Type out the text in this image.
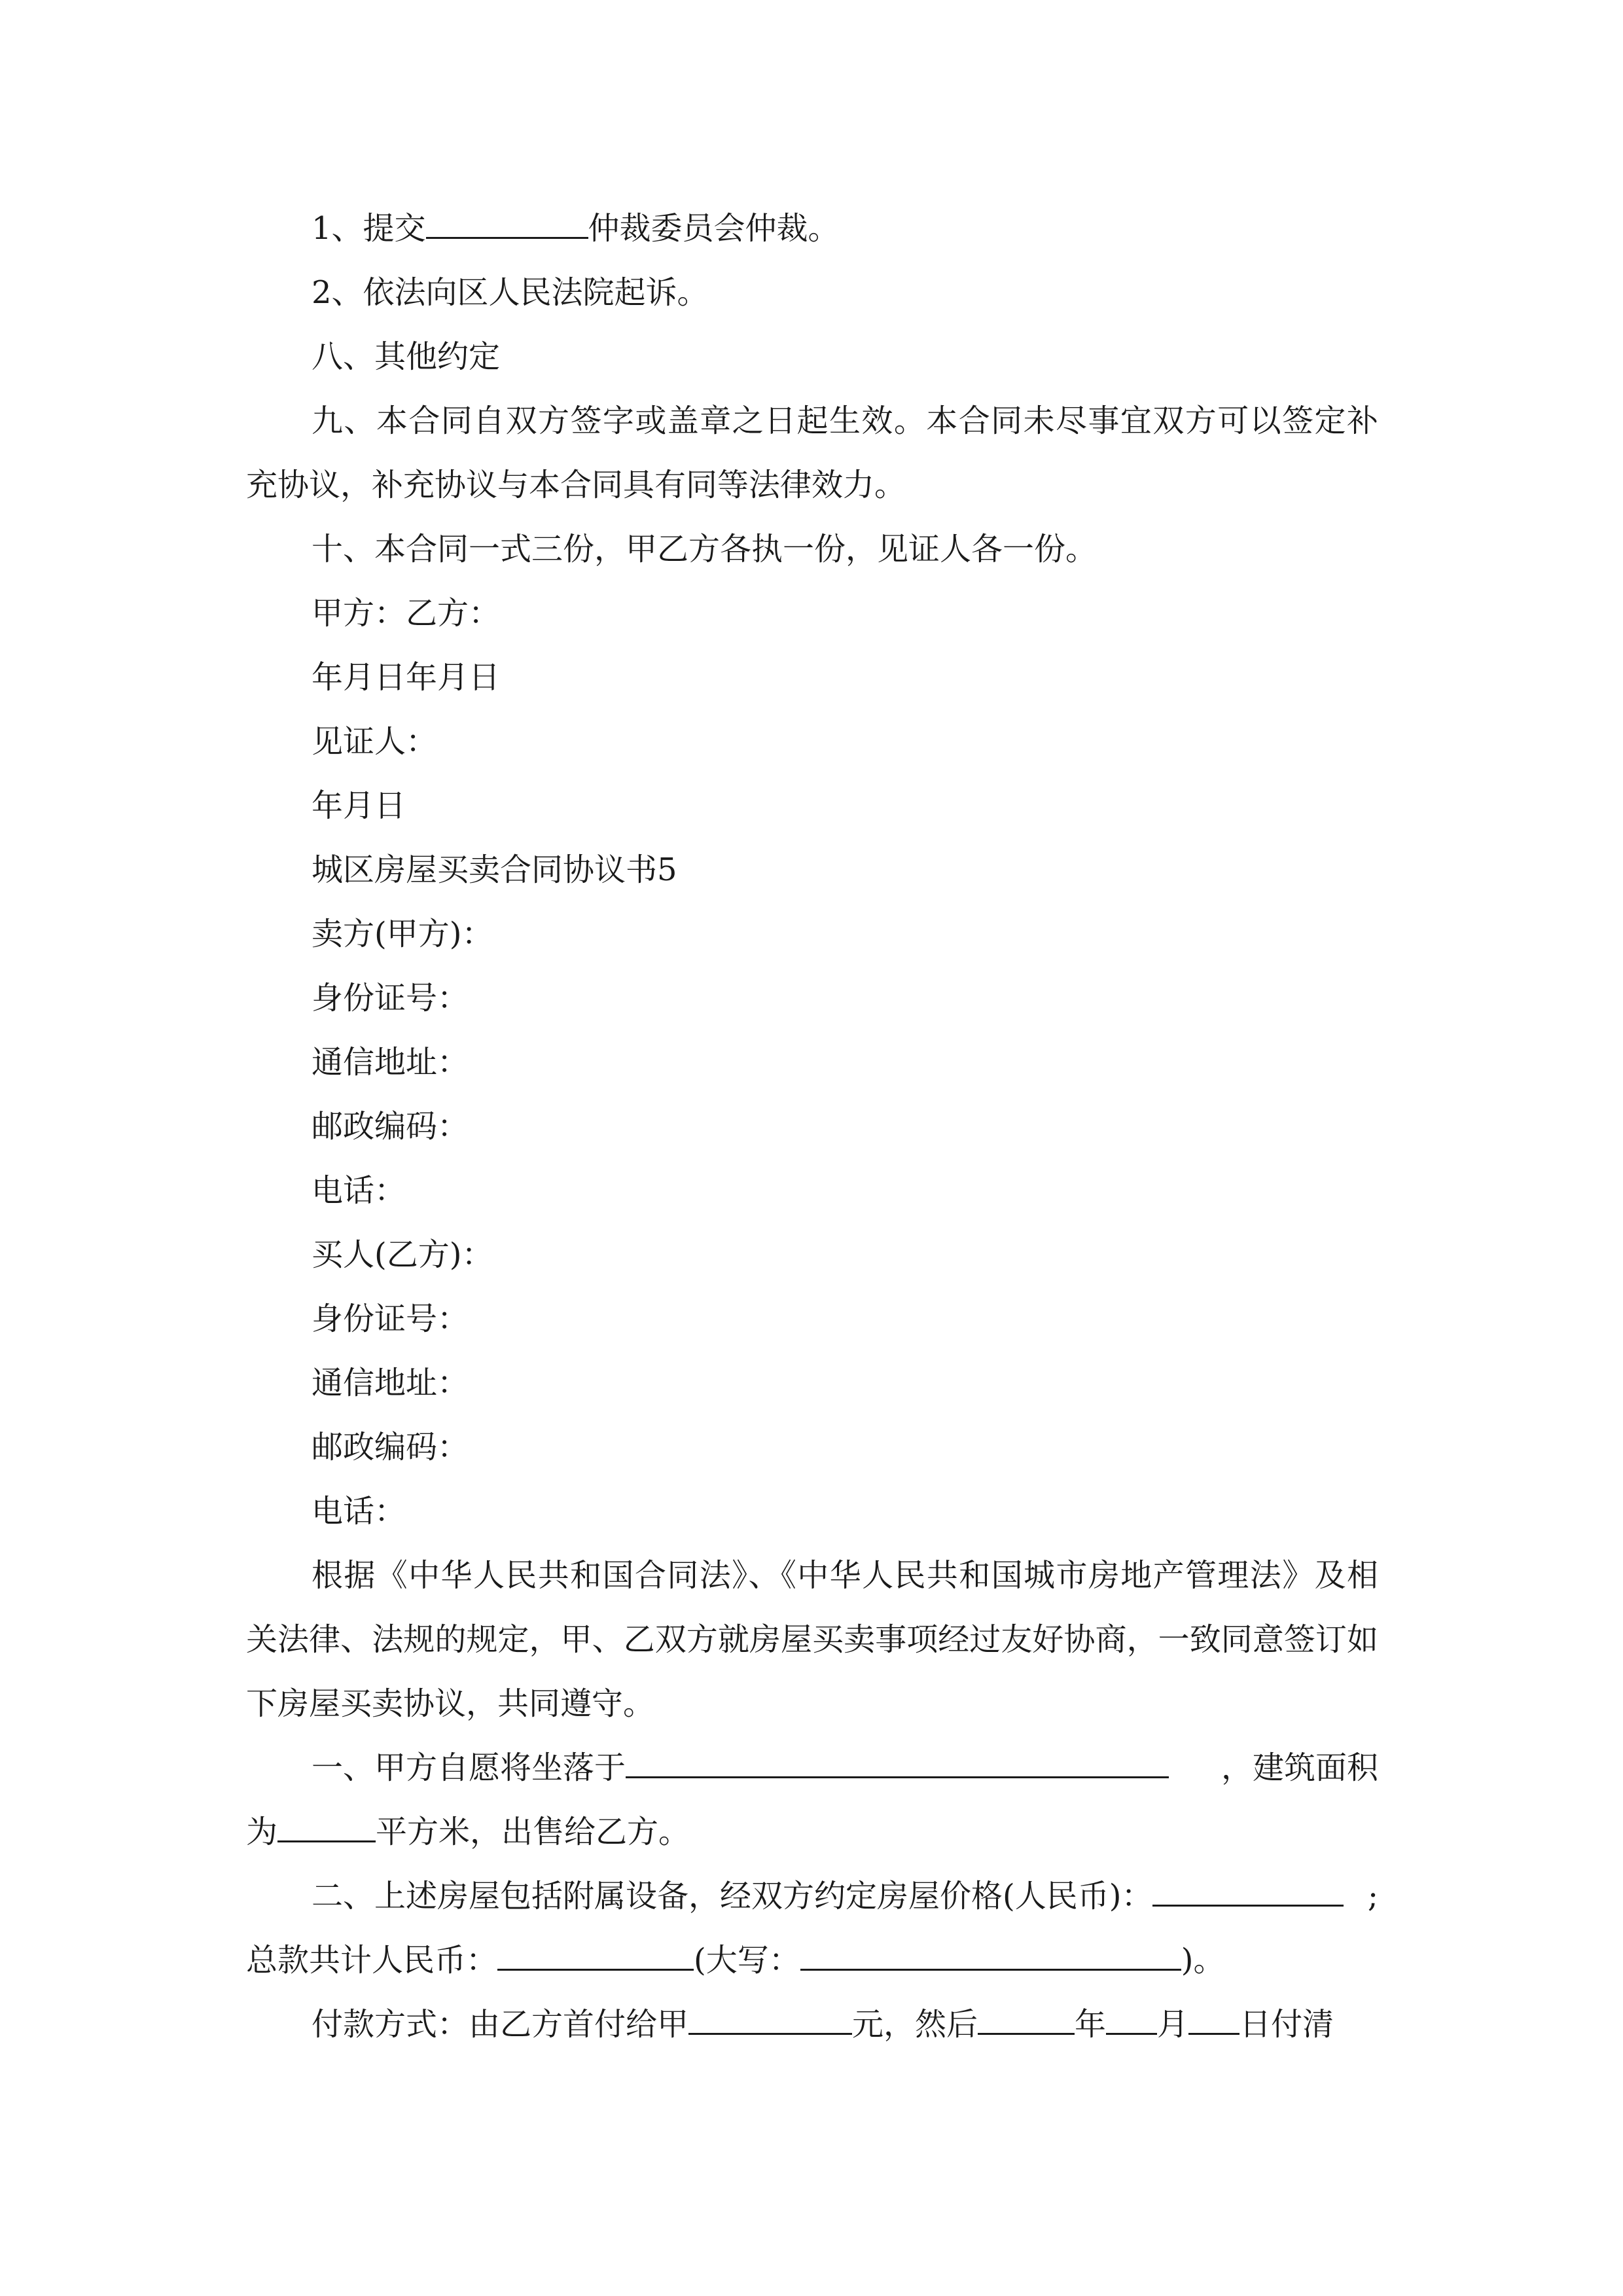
1、提交	仲裁委员会仲裁。

2、依法向区人民法院起诉。

八、其他约定

九、本合同自双方签字或盖章之日起生效。本合同未尽事宜双方可以签定补充协议，补充协议与本合同具有同等法律效力。

十、本合同一式三份，甲乙方各执一份，见证人各一份。

甲方：乙方：

年月日年月日

见证人：

年月日

城区房屋买卖合同协议书5

卖方(甲方)：

身份证号：

通信地址：

邮政编码：

电话：

买人(乙方)：

身份证号：

通信地址：

邮政编码：

电话：

根据《中华人民共和国合同法》、《中华人民共和国城市房地产管理法》及相关法律、法规的规定，甲、乙双方就房屋买卖事项经过友好协商，一致同意签订如下房屋买卖协议，共同遵守。

一、甲方自愿将坐落于	，建筑面积

为	平方米，出售给乙方。

二、上述房屋包括附属设备，经双方约定房屋价格(人民币)：	;

总款共计人民币：	(大写：	)。

付款方式：由乙方首付给甲	元，然后	年 月 日付清
